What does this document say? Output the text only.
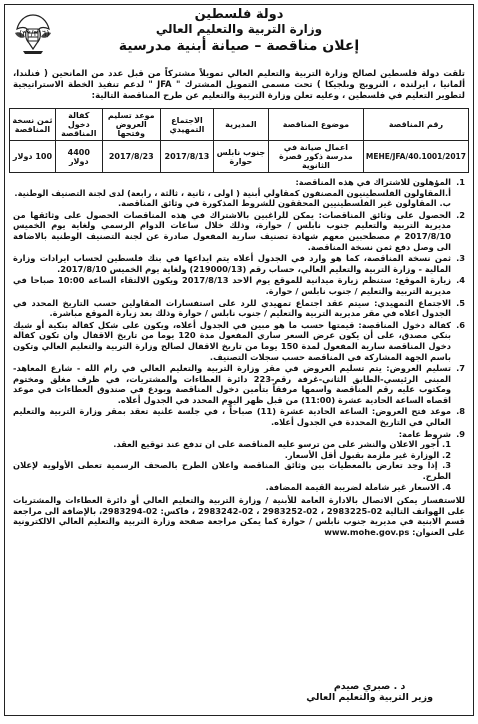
(٣٢/٣١٦)
دولة فلسطين
وزارة التربية والتعليم العالي
إعلان مناقصة – صيانة أبنية مدرسية
تلقت دولة فلسطين لصالح وزارة التربية والتعليم العالي تمويلاً مشتركاً من قبل عدد من المانحين ( فنلندا، ألمانيا ، ايرلنده ، النرويج وبلجيكا ) تحت مسمى التمويل المشترك " JFA " لدعم تنفيذ الخطة الاستراتيجية لتطوير التعليم في فلسطين ، وعليه تعلن وزارة التربية والتعليم عن طرح المناقصة التالية:
رقم المناقصة	موضوع المناقصة	المديرية	الاجتماع التمهيدي	موعد تسليم العروض وفتحها	كفالة دخول المناقصة	ثمن نسخة المناقصة
MEHE/JFA/40.1001/2017	اعمال صيانة في مدرسة ذكور قصرة الثانوية	جنوب نابلس حوارة	2017/8/13	2017/8/23	4400 دولار	100 دولار
1.
المؤهلون للاشتراك في هذه المناقصة:
أ.المقاولون الفلسطينيون المصنفون كمقاولي أبنية ( اولى ، ثانية ، ثالثة ، رابعة) لدى لجنة التصنيف الوطنية.
ب. المقاولون غير الفلسطينيين المحققون للشروط المذكورة في وثائق المناقصة.
2.
الحصول على وثائق المناقصات: يمكن للراغبين بالاشتراك في هذه المناقصات الحصول على وثائقها من مديرية التربية والتعليم جنوب نابلس / حوارة، وذلك خلال ساعات الدوام الرسمي ولغاية يوم الخميس 2017/8/10 م مصطحبين معهم شهادة تصنيف سارية المفعول صادرة عن لجنة التصنيف الوطنية بالاضافة الى وصل دفع ثمن نسخة المناقصة.
3.
ثمن نسخة المناقصة، كما هو وارد في الجدول أعلاه يتم ايداعها في بنك فلسطين لحساب ايرادات وزارة المالية - وزارة التربية والتعليم العالي، حساب رقم (219000/13) ولغاية يوم الخميس 2017/8/10.
4.
زيارة الموقع: ستنظم زيارة ميدانية للموقع يوم الاحد 2017/8/13 ويكون الالتقاء الساعة 10:00 صباحا في مديرية التربية والتعليم / جنوب نابلس / حوارة.
5.
الاجتماع التمهيدي: سيتم عقد اجتماع تمهيدي للرد على استفسارات المقاولين حسب التاريخ المحدد في الجدول اعلاه في مقر مديرية التربية والتعليم / جنوب نابلس / حوارة وذلك بعد زيارة الموقع مباشرة.
6.
كفالة دخول المناقصة: قيمتها حسب ما هو مبين في الجدول أعلاه، ويكون على شكل كفالة بنكية أو شيك بنكي مصدق، على أن يكون عرض السعر ساري المفعول مدة 120 يوما من تاريخ الاقفال وان تكون كفالة دخول المناقصة سارية المفعول لمدة 150 يوما من تاريخ الاقفال لصالح وزارة التربية والتعليم العالي وتكون باسم الجهة المشاركة في المناقصة حسب سجلات التصنيف.
7.
تسليم العروض: يتم تسليم العروض في مقر وزارة التربية والتعليم العالي في رام الله - شارع المعاهد-المبنى الرئيسي-الطابق الثاني-غرفة رقم-223 دائرة العطاءات والمشتريات، في ظرف مغلق ومختوم ومكتوب عليه رقم المناقصة واسمها مرفقاً بتأمين دخول المناقصة ويودع في صندوق العطاءات في موعد اقصاه الساعة الحادية عشرة (11:00) من قبل ظهر اليوم المحدد في الجدول أعلاه.
8.
موعد فتح العروض: الساعة الحادية عشرة (11) صباحاً ، في جلسة علنية تعقد بمقر وزارة التربية والتعليم العالي في التاريخ المحددة في الجدول أعلاه.
9.
شروط عامة:
1. أجور الاعلان والنشر على من ترسو عليه المناقصة على ان تدفع عند توقيع العقد.
2. الوزارة غير ملزمة بقبول أقل الأسعار.
3. إذا وجد تعارض بالمعطيات بين وثائق المناقصة واعلان الطرح بالصحف الرسمية تعطى الأولوية لإعلان الطرح.
4. الاسعار غير شاملة لضريبة القيمة المضافة.
للاستفسار يمكن الاتصال بالادارة العامة للأبنية / وزارة التربية والتعليم العالي أو دائرة العطاءات والمشتريات على الهواتف التالية 02-2983225 ، 02-2983252 ، 02-2983242 ، فاكس: 02-2983294، بالإضافة الى مراجعة قسم الابنية في مديرية جنوب نابلس / حوارة كما يمكن مراجعة صفحة وزارة التربية والتعليم العالي الالكترونية على العنوان: www.mohe.gov.ps
د . صبري صيدم
وزير التربية والتعليم العالي
